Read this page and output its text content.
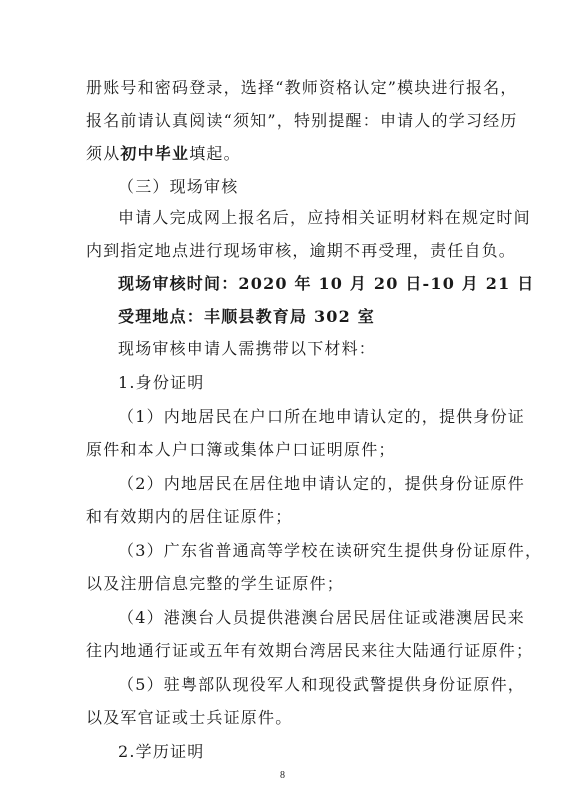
册账号和密码登录，选择“教师资格认定”模块进行报名，
报名前请认真阅读“须知”，特别提醒：申请人的学习经历
须从初中毕业填起。
（三）现场审核
申请人完成网上报名后，应持相关证明材料在规定时间
内到指定地点进行现场审核，逾期不再受理，责任自负。
现场审核时间：2020 年 10 月 20 日-10 月 21 日
受理地点：丰顺县教育局 302 室
现场审核申请人需携带以下材料：
1.身份证明
（1）内地居民在户口所在地申请认定的，提供身份证
原件和本人户口簿或集体户口证明原件；
（2）内地居民在居住地申请认定的，提供身份证原件
和有效期内的居住证原件；
（3）广东省普通高等学校在读研究生提供身份证原件，
以及注册信息完整的学生证原件；
（4）港澳台人员提供港澳台居民居住证或港澳居民来
往内地通行证或五年有效期台湾居民来往大陆通行证原件；
（5）驻粤部队现役军人和现役武警提供身份证原件，
以及军官证或士兵证原件。
2.学历证明
8
